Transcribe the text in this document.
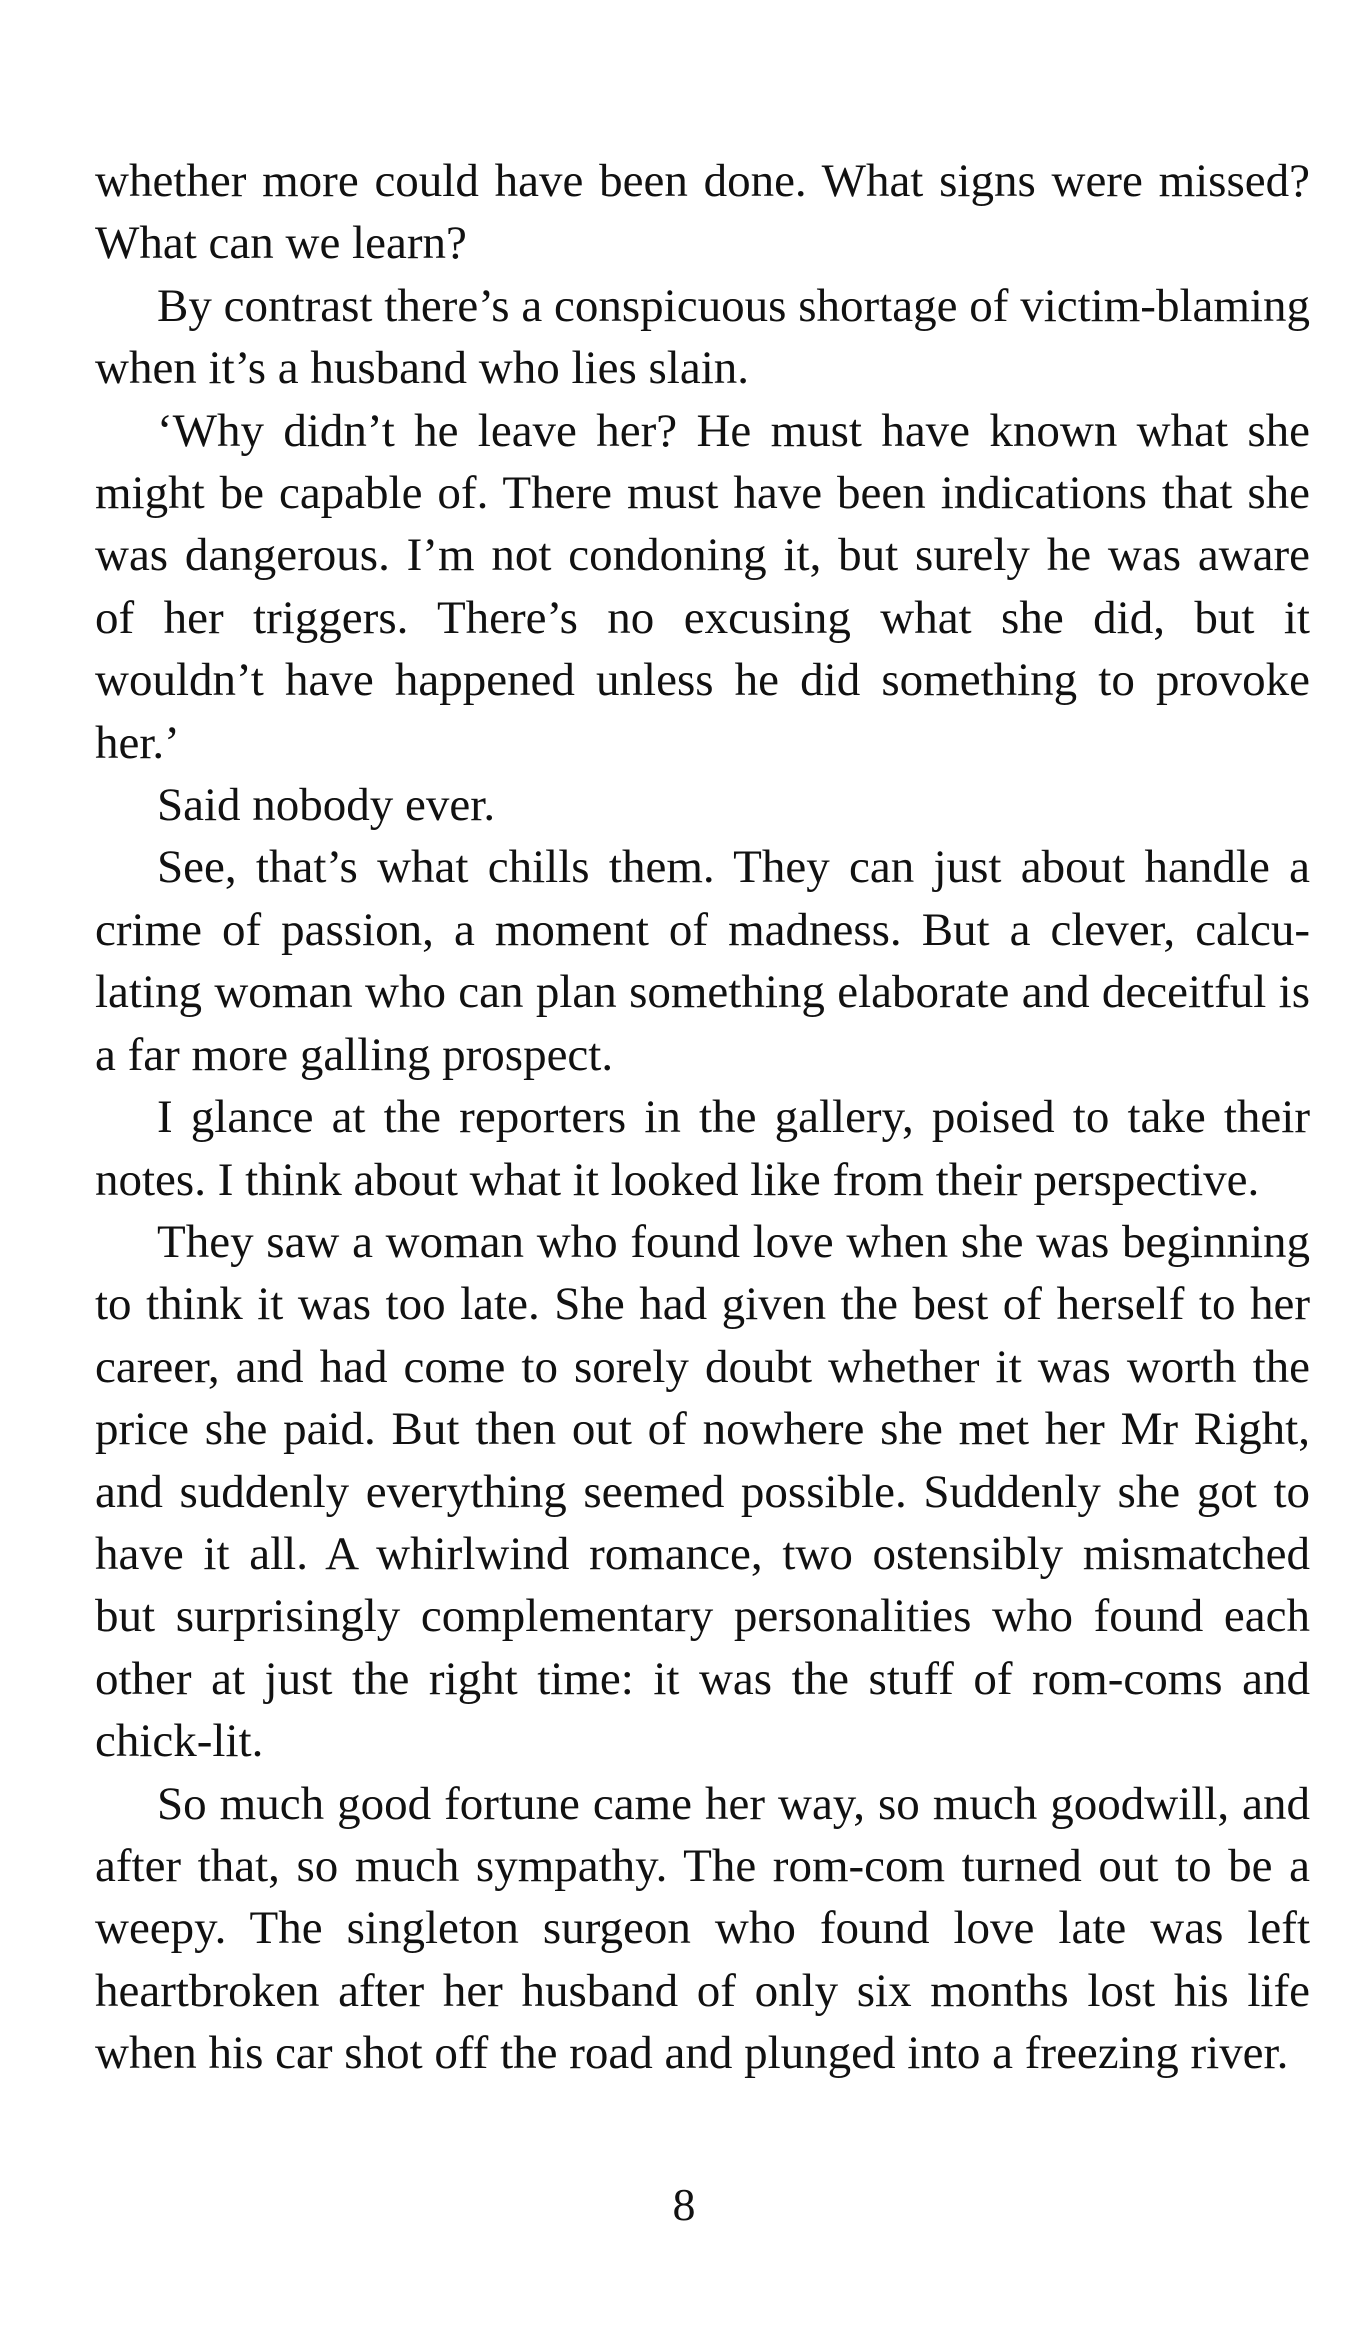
whether more could have been done. What signs were missed? What can we learn?

By contrast there’s a conspicuous shortage of victim-blaming when it’s a husband who lies slain.

‘Why didn’t he leave her? He must have known what she might be capable of. There must have been indications that she was dangerous. I’m not condoning it, but surely he was aware of her triggers. There’s no excusing what she did, but it wouldn’t have happened unless he did something to provoke her.’

Said nobody ever.

See, that’s what chills them. They can just about handle a crime of passion, a moment of madness. But a clever, calculating woman who can plan something elaborate and deceitful is a far more galling prospect.

I glance at the reporters in the gallery, poised to take their notes. I think about what it looked like from their perspective.

They saw a woman who found love when she was beginning to think it was too late. She had given the best of herself to her career, and had come to sorely doubt whether it was worth the price she paid. But then out of nowhere she met her Mr Right, and suddenly everything seemed possible. Suddenly she got to have it all. A whirlwind romance, two ostensibly mismatched but surprisingly complementary personalities who found each other at just the right time: it was the stuff of rom-coms and chick-lit.

So much good fortune came her way, so much goodwill, and after that, so much sympathy. The rom-com turned out to be a weepy. The singleton surgeon who found love late was left heartbroken after her husband of only six months lost his life when his car shot off the road and plunged into a freezing river.

8
